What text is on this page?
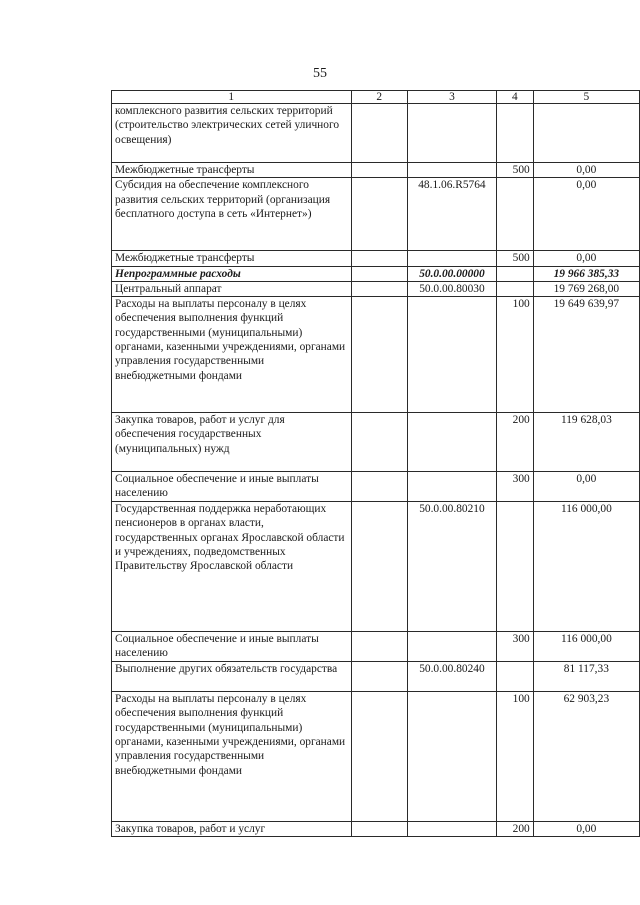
55
1	2	3	4	5
комплексного развития сельских территорий (строительство электрических сетей уличного освещения)				
Межбюджетные трансферты			500	0,00
Субсидия на обеспечение комплексного развития сельских территорий (организация бесплатного доступа в сеть «Интернет»)		48.1.06.R5764		0,00
Межбюджетные трансферты			500	0,00
Непрограммные расходы		50.0.00.00000		19 966 385,33
Центральный аппарат		50.0.00.80030		19 769 268,00
Расходы на выплаты персоналу в целях обеспечения выполнения функций государственными (муниципальными) органами, казенными учреждениями, органами управления государственными внебюджетными фондами			100	19 649 639,97
Закупка товаров, работ и услуг для обеспечения государственных (муниципальных) нужд			200	119 628,03
Социальное обеспечение и иные выплаты населению			300	0,00
Государственная поддержка неработающих пенсионеров в органах власти, государственных органах Ярославской области и учреждениях, подведомственных Правительству Ярославской области		50.0.00.80210		116 000,00
Социальное обеспечение и иные выплаты населению			300	116 000,00
Выполнение других обязательств государства		50.0.00.80240		81 117,33
Расходы на выплаты персоналу в целях обеспечения выполнения функций государственными (муниципальными) органами, казенными учреждениями, органами управления государственными внебюджетными фондами			100	62 903,23
Закупка товаров, работ и услуг			200	0,00
